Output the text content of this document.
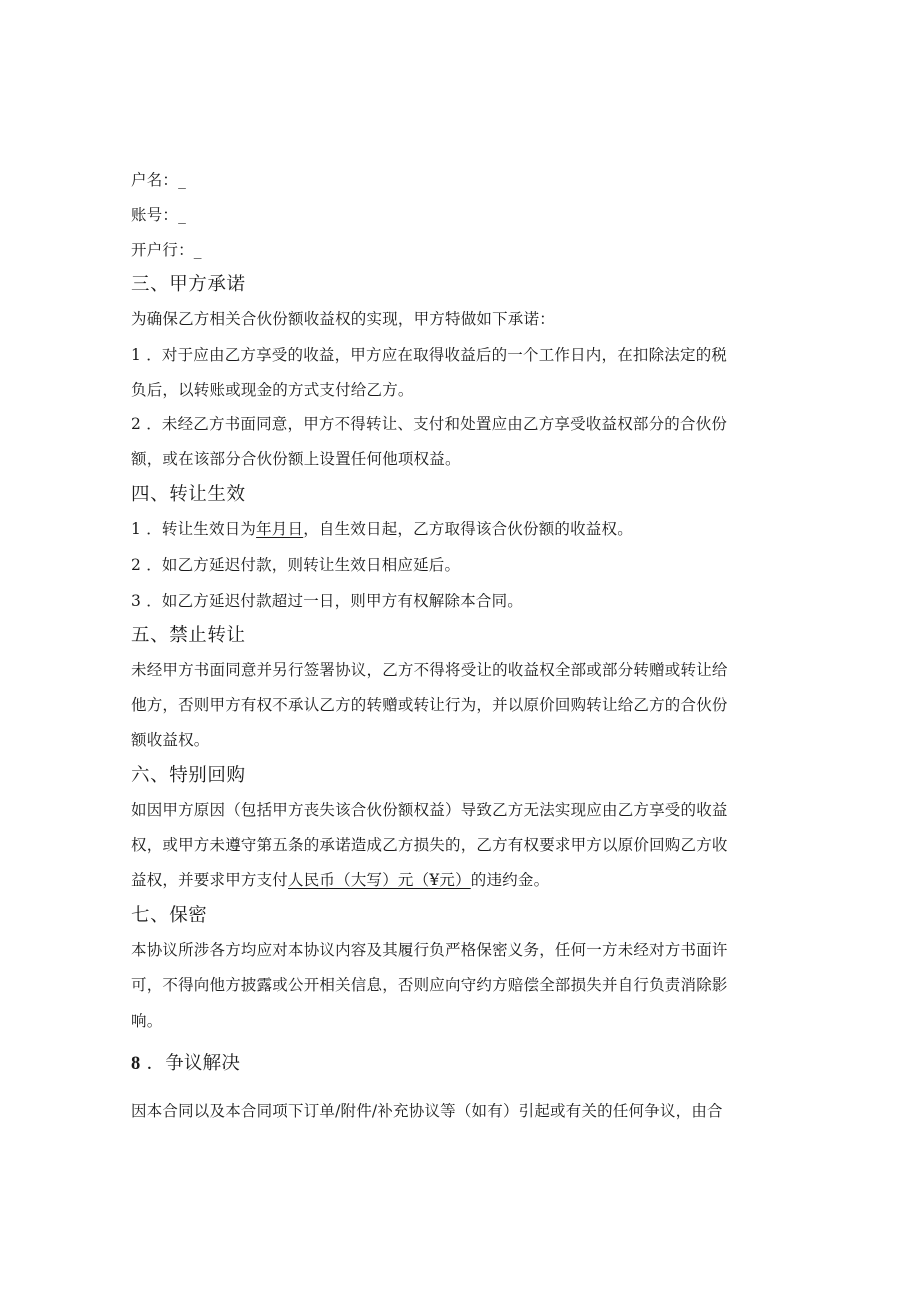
户名：_
账号：_
开户行：_
三、甲方承诺
为确保乙方相关合伙份额收益权的实现，甲方特做如下承诺：
1 ．对于应由乙方享受的收益，甲方应在取得收益后的一个工作日内，在扣除法定的税
负后，以转账或现金的方式支付给乙方。
2 ．未经乙方书面同意，甲方不得转让、支付和处置应由乙方享受收益权部分的合伙份
额，或在该部分合伙份额上设置任何他项权益。
四、转让生效
1 ．转让生效日为年月日，自生效日起，乙方取得该合伙份额的收益权。
2 ．如乙方延迟付款，则转让生效日相应延后。
3 ．如乙方延迟付款超过一日，则甲方有权解除本合同。
五、禁止转让
未经甲方书面同意并另行签署协议，乙方不得将受让的收益权全部或部分转赠或转让给
他方，否则甲方有权不承认乙方的转赠或转让行为，并以原价回购转让给乙方的合伙份
额收益权。
六、特别回购
如因甲方原因（包括甲方丧失该合伙份额权益）导致乙方无法实现应由乙方享受的收益
权，或甲方未遵守第五条的承诺造成乙方损失的，乙方有权要求甲方以原价回购乙方收
益权，并要求甲方支付人民币（大写）元（¥元）的违约金。
七、保密
本协议所涉各方均应对本协议内容及其履行负严格保密义务，任何一方未经对方书面许
可，不得向他方披露或公开相关信息，否则应向守约方赔偿全部损失并自行负责消除影
响。
8 ．争议解决
因本合同以及本合同项下订单/附件/补充协议等（如有）引起或有关的任何争议，由合
